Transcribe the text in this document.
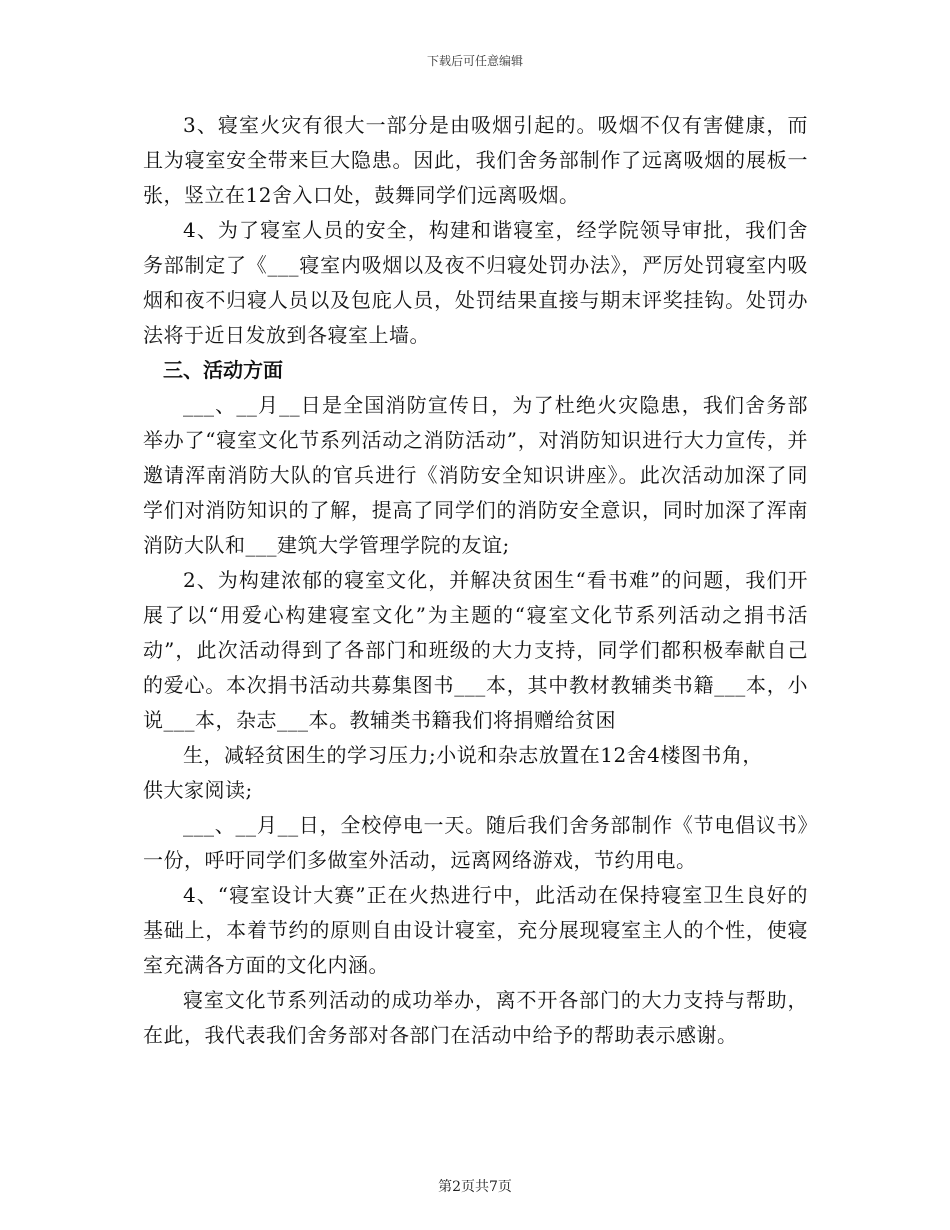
下载后可任意编辑

3、寝室火灾有很大一部分是由吸烟引起的。吸烟不仅有害健康，而且为寝室安全带来巨大隐患。因此，我们舍务部制作了远离吸烟的展板一张，竖立在12舍入口处，鼓舞同学们远离吸烟。

4、为了寝室人员的安全，构建和谐寝室，经学院领导审批，我们舍务部制定了《___寝室内吸烟以及夜不归寝处罚办法》，严厉处罚寝室内吸烟和夜不归寝人员以及包庇人员，处罚结果直接与期末评奖挂钩。处罚办法将于近日发放到各寝室上墙。

三、活动方面

___、__月__日是全国消防宣传日，为了杜绝火灾隐患，我们舍务部举办了“寝室文化节系列活动之消防活动”，对消防知识进行大力宣传，并邀请浑南消防大队的官兵进行《消防安全知识讲座》。此次活动加深了同学们对消防知识的了解，提高了同学们的消防安全意识，同时加深了浑南消防大队和___建筑大学管理学院的友谊;

2、为构建浓郁的寝室文化，并解决贫困生“看书难”的问题，我们开展了以“用爱心构建寝室文化”为主题的“寝室文化节系列活动之捐书活动”，此次活动得到了各部门和班级的大力支持，同学们都积极奉献自己的爱心。本次捐书活动共募集图书___本，其中教材教辅类书籍___本，小说___本，杂志___本。教辅类书籍我们将捐赠给贫困

生，减轻贫困生的学习压力;小说和杂志放置在12舍4楼图书角，

供大家阅读;

___、__月__日，全校停电一天。随后我们舍务部制作《节电倡议书》一份，呼吁同学们多做室外活动，远离网络游戏，节约用电。

4、“寝室设计大赛”正在火热进行中，此活动在保持寝室卫生良好的基础上，本着节约的原则自由设计寝室，充分展现寝室主人的个性，使寝室充满各方面的文化内涵。

寝室文化节系列活动的成功举办，离不开各部门的大力支持与帮助，在此，我代表我们舍务部对各部门在活动中给予的帮助表示感谢。

第2页共7页
